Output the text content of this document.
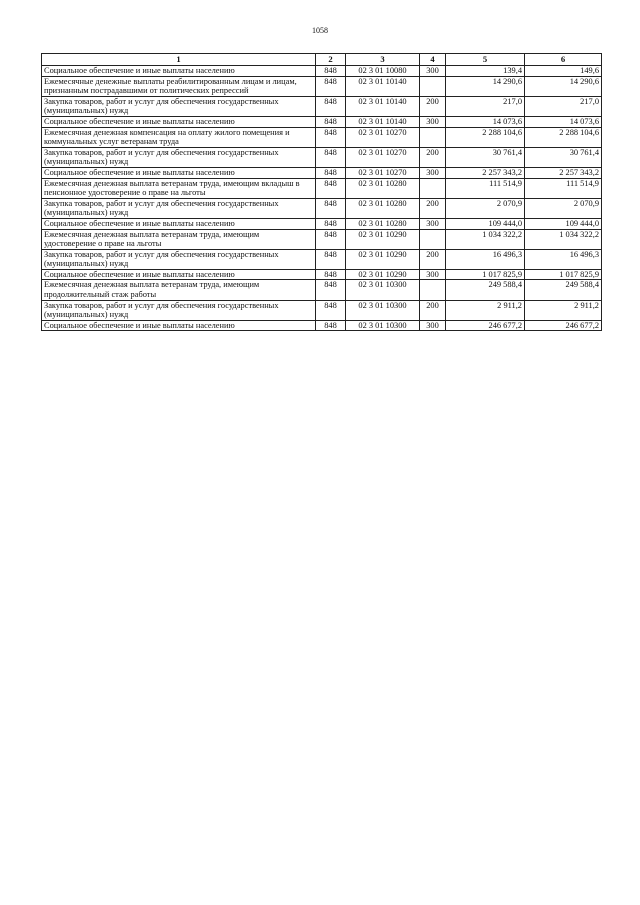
1058
1	2	3	4	5	6
Социальное обеспечение и иные выплаты населению	848	02 3 01 10080	300	139,4	149,6
Ежемесячные денежные выплаты реабилитированным лицам и лицам, признанным пострадавшими от политических репрессий	848	02 3 01 10140		14 290,6	14 290,6
Закупка товаров, работ и услуг для обеспечения государственных (муниципальных) нужд	848	02 3 01 10140	200	217,0	217,0
Социальное обеспечение и иные выплаты населению	848	02 3 01 10140	300	14 073,6	14 073,6
Ежемесячная денежная компенсация на оплату жилого помещения и коммунальных услуг ветеранам труда	848	02 3 01 10270		2 288 104,6	2 288 104,6
Закупка товаров, работ и услуг для обеспечения государственных (муниципальных) нужд	848	02 3 01 10270	200	30 761,4	30 761,4
Социальное обеспечение и иные выплаты населению	848	02 3 01 10270	300	2 257 343,2	2 257 343,2
Ежемесячная денежная выплата ветеранам труда, имеющим вкладыш в пенсионное удостоверение о праве на льготы	848	02 3 01 10280		111 514,9	111 514,9
Закупка товаров, работ и услуг для обеспечения государственных (муниципальных) нужд	848	02 3 01 10280	200	2 070,9	2 070,9
Социальное обеспечение и иные выплаты населению	848	02 3 01 10280	300	109 444,0	109 444,0
Ежемесячная денежная выплата ветеранам труда, имеющим удостоверение о праве на льготы	848	02 3 01 10290		1 034 322,2	1 034 322,2
Закупка товаров, работ и услуг для обеспечения государственных (муниципальных) нужд	848	02 3 01 10290	200	16 496,3	16 496,3
Социальное обеспечение и иные выплаты населению	848	02 3 01 10290	300	1 017 825,9	1 017 825,9
Ежемесячная денежная выплата ветеранам труда, имеющим продолжительный стаж работы	848	02 3 01 10300		249 588,4	249 588,4
Закупка товаров, работ и услуг для обеспечения государственных (муниципальных) нужд	848	02 3 01 10300	200	2 911,2	2 911,2
Социальное обеспечение и иные выплаты населению	848	02 3 01 10300	300	246 677,2	246 677,2
